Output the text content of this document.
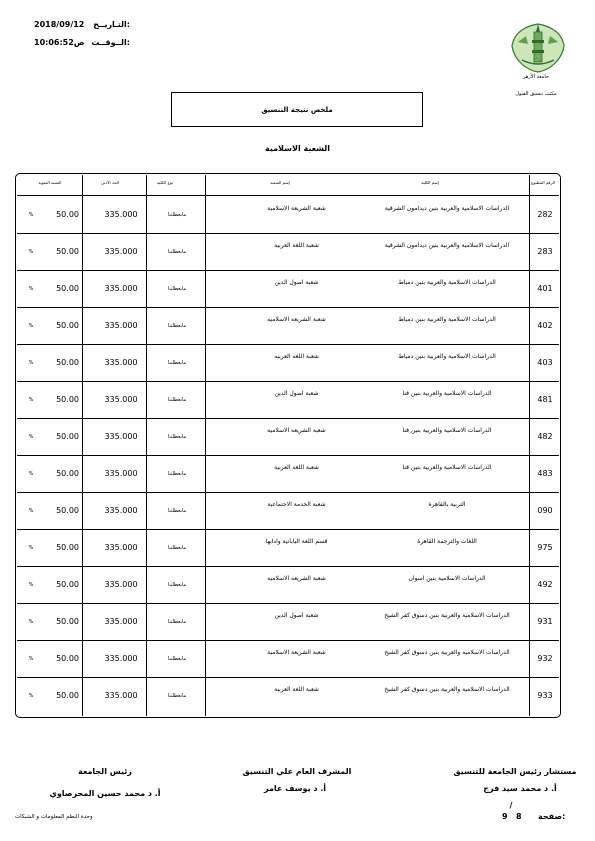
2018/09/12	التـاريــخ:
ص10:06:52 الــوقــت:
جامعة الأزهر
مكتب تنسيق القبول
ملخص نتيجة التنسيق
الشعبة الاسلامية
الرقم المطبوع
إسم الكلية
إسم الشعبة
نوع الكلية
الحد الأدني
النسبة المئوية
282
الدراسات الاسلامية والعربية بنين ديدامون الشرقية
شعبة الشريعة الاسلامية
مابعطلتنا
335.000
50.00
%
283
الدراسات الاسلامية والعربية بنين ديدامون الشرقية
شعبة اللغة العربية
مابعطلتنا
335.000
50.00
%
401
الدراسات الاسلامية والعربية بنين دمياط
شعبة اصول الدين
مابعطلتنا
335.000
50.00
%
402
الدراسات الاسلامية والعربية بنين دمياط
شعبة الشريعه الاسلاميه
مابعطلتنا
335.000
50.00
%
403
الدراسات الاسلامية والعربية بنين دمياط
شعبة اللغه العربيه
مابعطلتنا
335.000
50.00
%
481
الدراسات الاسلامية والعربية بنين قنا
شعبة اصول الدين
مابعطلتنا
335.000
50.00
%
482
الدراسات الاسلامية والعربية بنين قنا
شعبة الشريعه الاسلاميه
مابعطلتنا
335.000
50.00
%
483
الدراسات الاسلامية والعربية بنين قنا
شعبة اللغه العربية
مابعطلتنا
335.000
50.00
%
090
التربية بالقاهرة
شعبة الخدمة الاجتماعية
مابعطلتنا
335.000
50.00
%
975
اللغات والترجمة القاهرة
قسم اللغة اليابانية وادابها
مابعطلتنا
335.000
50.00
%
492
الدراسات الاسلامية بنين اسوان
شعبة الشريعه الاسلاميه
مابعطلتنا
335.000
50.00
%
931
الدراسات الاسلامية والعربية بنين دسوق كفر الشيخ
شعبة اصول الدين
مابعطلتنا
335.000
50.00
%
932
الدراسات الاسلامية والعربية بنين دسوق كفر الشيخ
شعبة الشريعة الاسلامية
مابعطلتنا
335.000
50.00
%
933
الدراسات الاسلامية والعربية بنين دسوق كفر الشيخ
شعبة اللغة العربية
مابعطلتنا
335.000
50.00
%
مستشار رئيس الجامعة للتنسيق
أ. د محمد سيد فرج
المشرف العام علي التنسيق
أ. د يوسف عامر
رئيس الجامعة
أ. د محمد حسين المحرصاوي
وحدة النظم المعلومات و الشبكات
/
9 8 صفحة:
